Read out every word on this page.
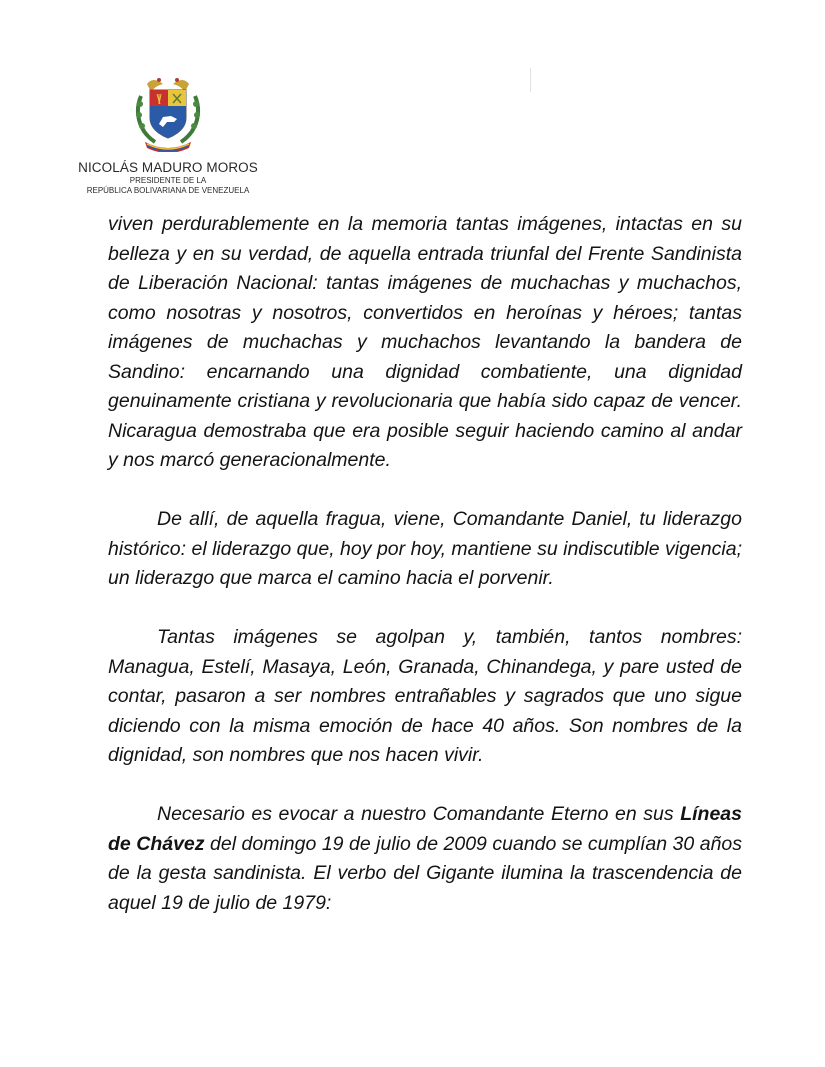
NICOLÁS MADURO MOROS
PRESIDENTE DE LA
REPÚBLICA BOLIVARIANA DE VENEZUELA

viven perdurablemente en la memoria tantas imágenes, intactas en su belleza y en su verdad, de aquella entrada triunfal del Frente Sandinista de Liberación Nacional: tantas imágenes de muchachas y muchachos, como nosotras y nosotros, convertidos en heroínas y héroes; tantas imágenes de muchachas y muchachos levantando la bandera de Sandino: encarnando una dignidad combatiente, una dignidad genuinamente cristiana y revolucionaria que había sido capaz de vencer. Nicaragua demostraba que era posible seguir haciendo camino al andar y nos marcó generacionalmente.

De allí, de aquella fragua, viene, Comandante Daniel, tu liderazgo histórico: el liderazgo que, hoy por hoy, mantiene su indiscutible vigencia; un liderazgo que marca el camino hacia el porvenir.

Tantas imágenes se agolpan y, también, tantos nombres: Managua, Estelí, Masaya, León, Granada, Chinandega, y pare usted de contar, pasaron a ser nombres entrañables y sagrados que uno sigue diciendo con la misma emoción de hace 40 años. Son nombres de la dignidad, son nombres que nos hacen vivir.

Necesario es evocar a nuestro Comandante Eterno en sus Líneas de Chávez del domingo 19 de julio de 2009 cuando se cumplían 30 años de la gesta sandinista. El verbo del Gigante ilumina la trascendencia de aquel 19 de julio de 1979:
